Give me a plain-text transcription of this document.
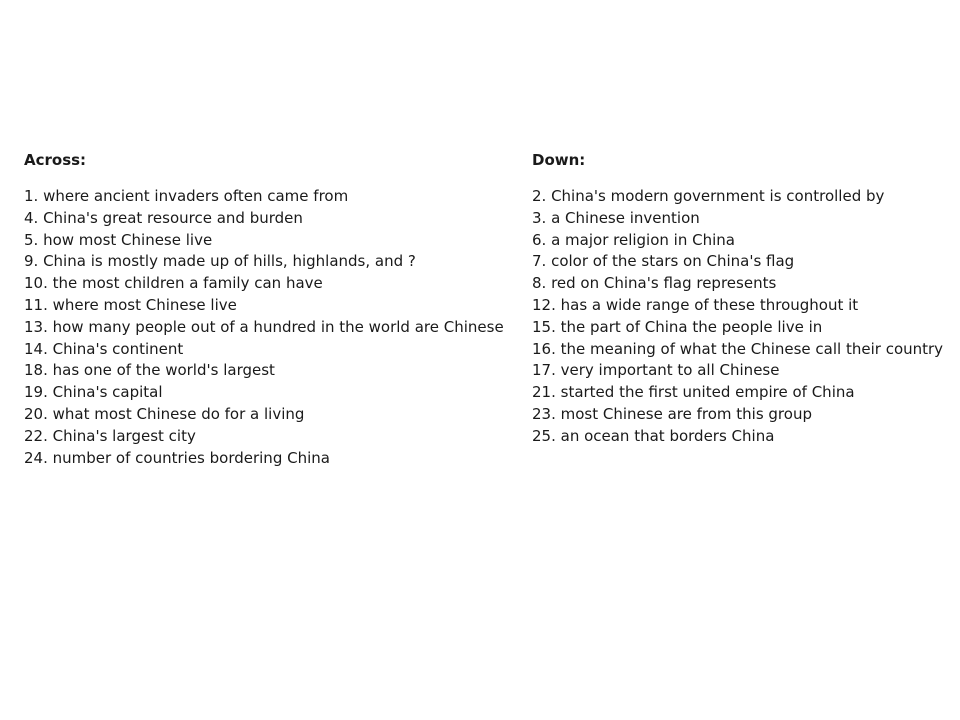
Across:
1. where ancient invaders often came from
4. China's great resource and burden
5. how most Chinese live
9. China is mostly made up of hills, highlands, and ?
10. the most children a family can have
11. where most Chinese live
13. how many people out of a hundred in the world are Chinese
14. China's continent
18. has one of the world's largest
19. China's capital
20. what most Chinese do for a living
22. China's largest city
24. number of countries bordering China
Down:
2. China's modern government is controlled by
3. a Chinese invention
6. a major religion in China
7. color of the stars on China's flag
8. red on China's flag represents
12. has a wide range of these throughout it
15. the part of China the people live in
16. the meaning of what the Chinese call their country
17. very important to all Chinese
21. started the first united empire of China
23. most Chinese are from this group
25. an ocean that borders China
